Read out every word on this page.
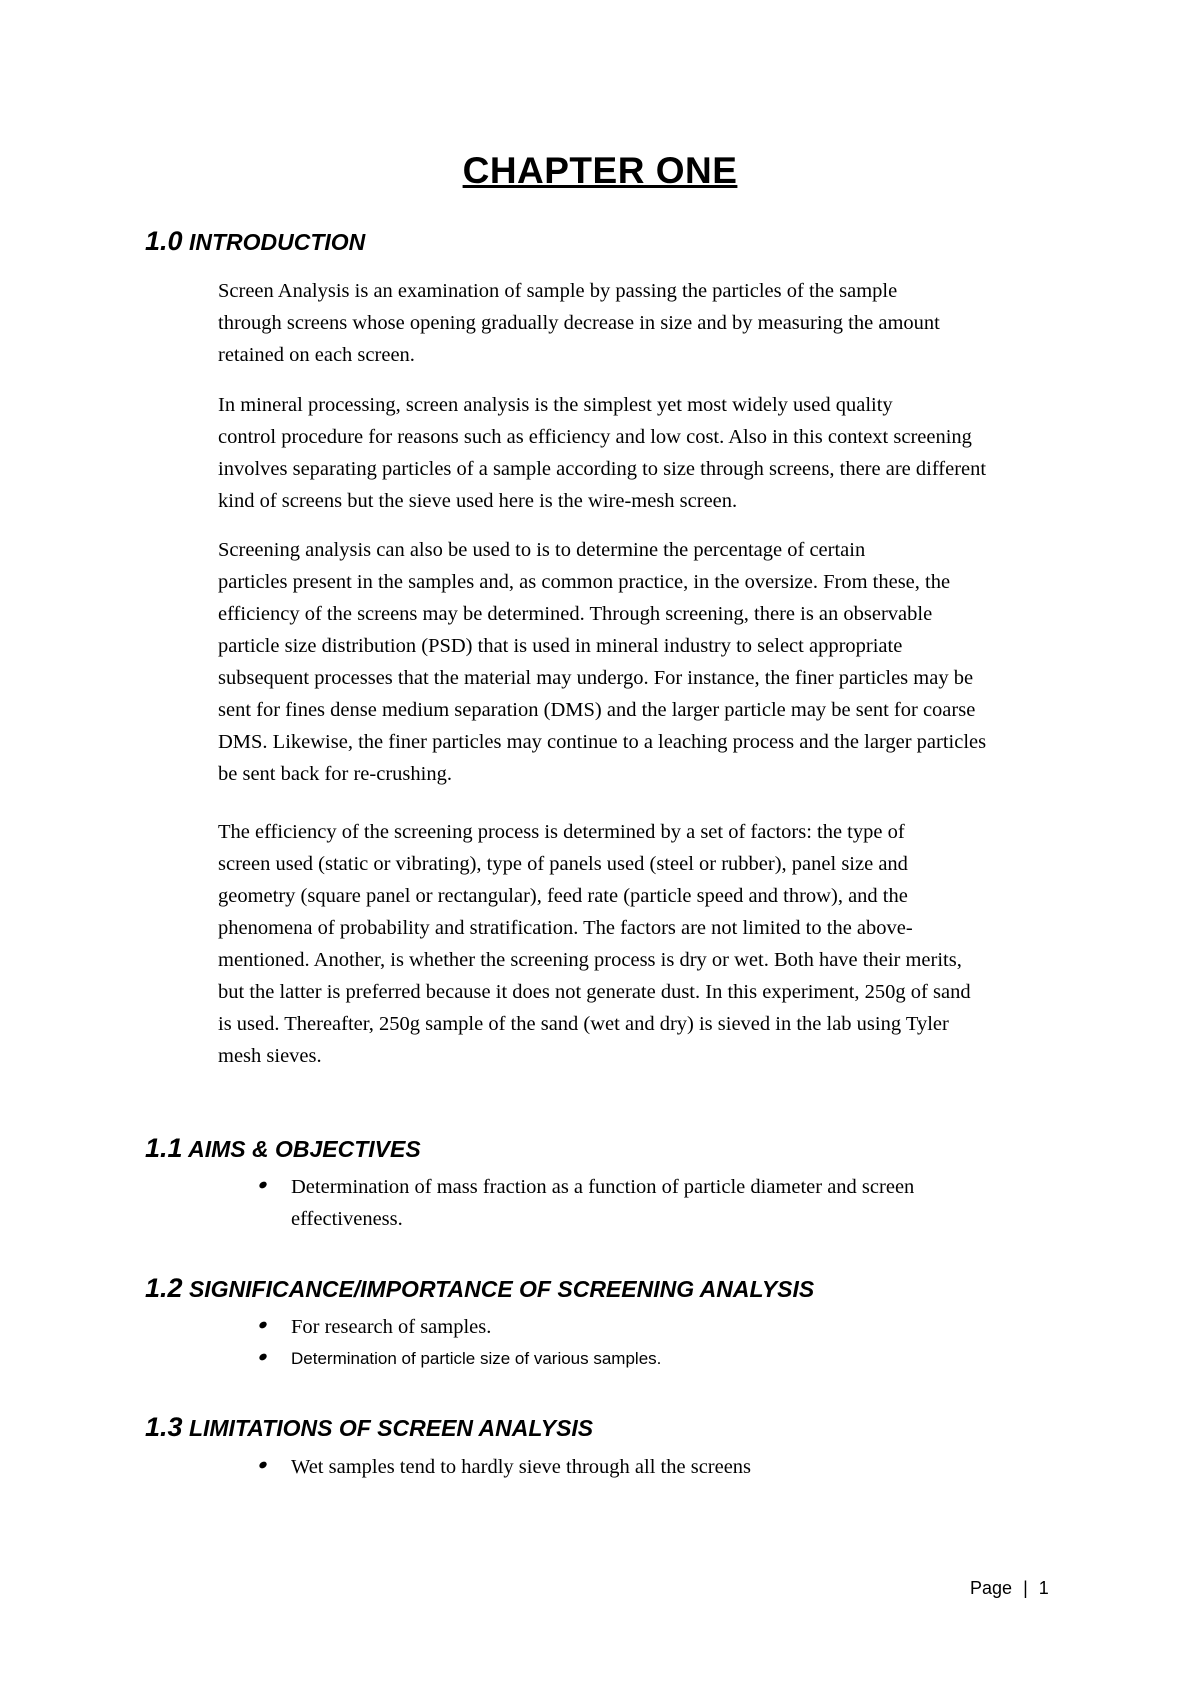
CHAPTER ONE
1.0 INTRODUCTION
Screen Analysis is an examination of sample by passing the particles of the sample
through screens whose opening gradually decrease in size and by measuring the amount
retained on each screen.
In mineral processing, screen analysis is the simplest yet most widely used quality
control procedure for reasons such as efficiency and low cost. Also in this context screening
involves separating particles of a sample according to size through screens, there are different
kind of screens but the sieve used here is the wire-mesh screen.
Screening analysis can also be used to is to determine the percentage of certain
particles present in the samples and, as common practice, in the oversize. From these, the
efficiency of the screens may be determined. Through screening, there is an observable
particle size distribution (PSD) that is used in mineral industry to select appropriate
subsequent processes that the material may undergo. For instance, the finer particles may be
sent for fines dense medium separation (DMS) and the larger particle may be sent for coarse
DMS. Likewise, the finer particles may continue to a leaching process and the larger particles
be sent back for re-crushing.
The efficiency of the screening process is determined by a set of factors: the type of
screen used (static or vibrating), type of panels used (steel or rubber), panel size and
geometry (square panel or rectangular), feed rate (particle speed and throw), and the
phenomena of probability and stratification. The factors are not limited to the above-
mentioned. Another, is whether the screening process is dry or wet. Both have their merits,
but the latter is preferred because it does not generate dust. In this experiment, 250g of sand
is used. Thereafter, 250g sample of the sand (wet and dry) is sieved in the lab using Tyler
mesh sieves.
1.1 AIMS & OBJECTIVES
Determination of mass fraction as a function of particle diameter and screen
effectiveness.
1.2 SIGNIFICANCE/IMPORTANCE OF SCREENING ANALYSIS
For research of samples.
Determination of particle size of various samples.
1.3 LIMITATIONS OF SCREEN ANALYSIS
Wet samples tend to hardly sieve through all the screens
Page | 1
